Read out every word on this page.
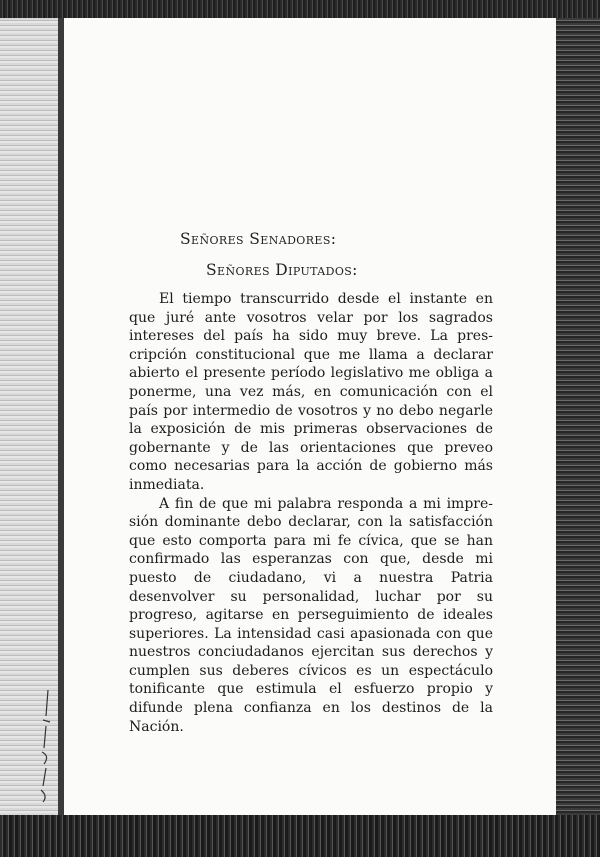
Señores Senadores:
Señores Diputados:

El tiempo transcurrido desde el instante en que juré ante vosotros velar por los sagrados intereses del país ha sido muy breve. La prescripción constitucional que me llama a declarar abierto el presente período legislativo me obliga a ponerme, una vez más, en comunicación con el país por intermedio de vosotros y no debo negarle la exposición de mis primeras observaciones de gobernante y de las orientaciones que preveo como necesarias para la acción de gobierno más inmediata.

A fin de que mi palabra responda a mi impresión dominante debo declarar, con la satisfacción que esto comporta para mi fe cívica, que se han confirmado las esperanzas con que, desde mi puesto de ciudadano, vi a nuestra Patria desenvolver su personalidad, luchar por su progreso, agitarse en perseguimiento de ideales superiores. La intensidad casi apasionada con que nuestros conciudadanos ejercitan sus derechos y cumplen sus deberes cívicos es un espectáculo tonificante que estimula el esfuerzo propio y difunde plena confianza en los destinos de la Nación.
